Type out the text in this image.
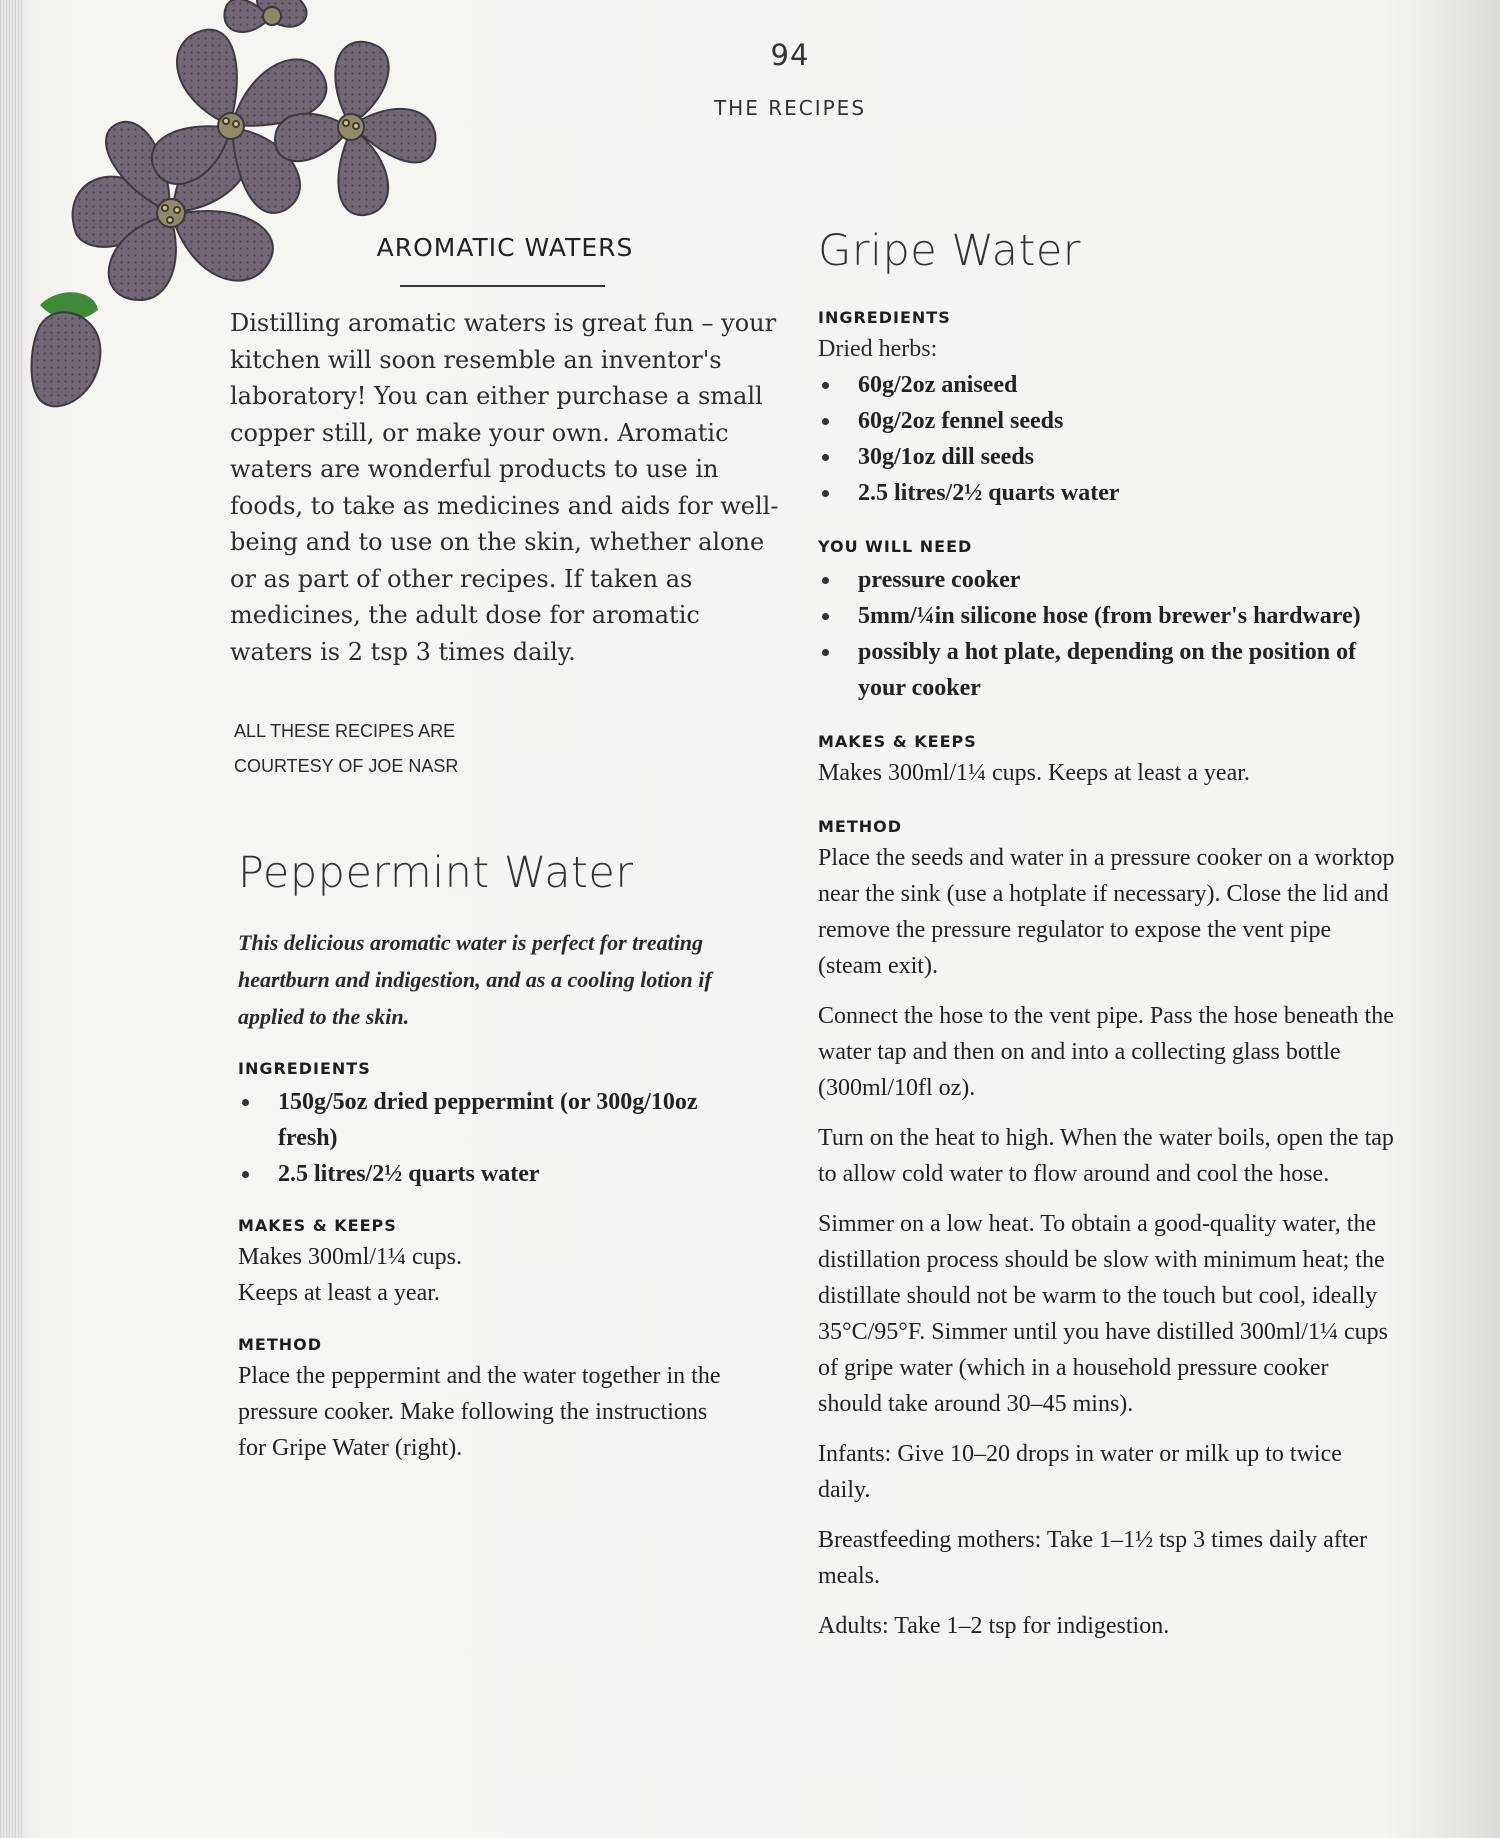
94
THE RECIPES
AROMATIC WATERS
Distilling aromatic waters is great fun – your kitchen will soon resemble an inventor's laboratory! You can either purchase a small copper still, or make your own. Aromatic waters are wonderful products to use in foods, to take as medicines and aids for well-being and to use on the skin, whether alone or as part of other recipes. If taken as medicines, the adult dose for aromatic waters is 2 tsp 3 times daily.
ALL THESE RECIPES ARE
COURTESY OF JOE NASR
Peppermint Water
This delicious aromatic water is perfect for treating heartburn and indigestion, and as a cooling lotion if applied to the skin.
INGREDIENTS
150g/5oz dried peppermint (or 300g/10oz fresh)
2.5 litres/2½ quarts water
MAKES & KEEPS
Makes 300ml/1¼ cups.
Keeps at least a year.
METHOD
Place the peppermint and the water together in the pressure cooker. Make following the instructions for Gripe Water (right).
Gripe Water
INGREDIENTS
Dried herbs:
60g/2oz aniseed
60g/2oz fennel seeds
30g/1oz dill seeds
2.5 litres/2½ quarts water
YOU WILL NEED
pressure cooker
5mm/¼in silicone hose (from brewer's hardware)
possibly a hot plate, depending on the position of your cooker
MAKES & KEEPS
Makes 300ml/1¼ cups. Keeps at least a year.
METHOD
Place the seeds and water in a pressure cooker on a worktop near the sink (use a hotplate if necessary). Close the lid and remove the pressure regulator to expose the vent pipe (steam exit).
Connect the hose to the vent pipe. Pass the hose beneath the water tap and then on and into a collecting glass bottle (300ml/10fl oz).
Turn on the heat to high. When the water boils, open the tap to allow cold water to flow around and cool the hose.
Simmer on a low heat. To obtain a good-quality water, the distillation process should be slow with minimum heat; the distillate should not be warm to the touch but cool, ideally 35°C/95°F. Simmer until you have distilled 300ml/1¼ cups of gripe water (which in a household pressure cooker should take around 30–45 mins).
Infants: Give 10–20 drops in water or milk up to twice daily.
Breastfeeding mothers: Take 1–1½ tsp 3 times daily after meals.
Adults: Take 1–2 tsp for indigestion.
